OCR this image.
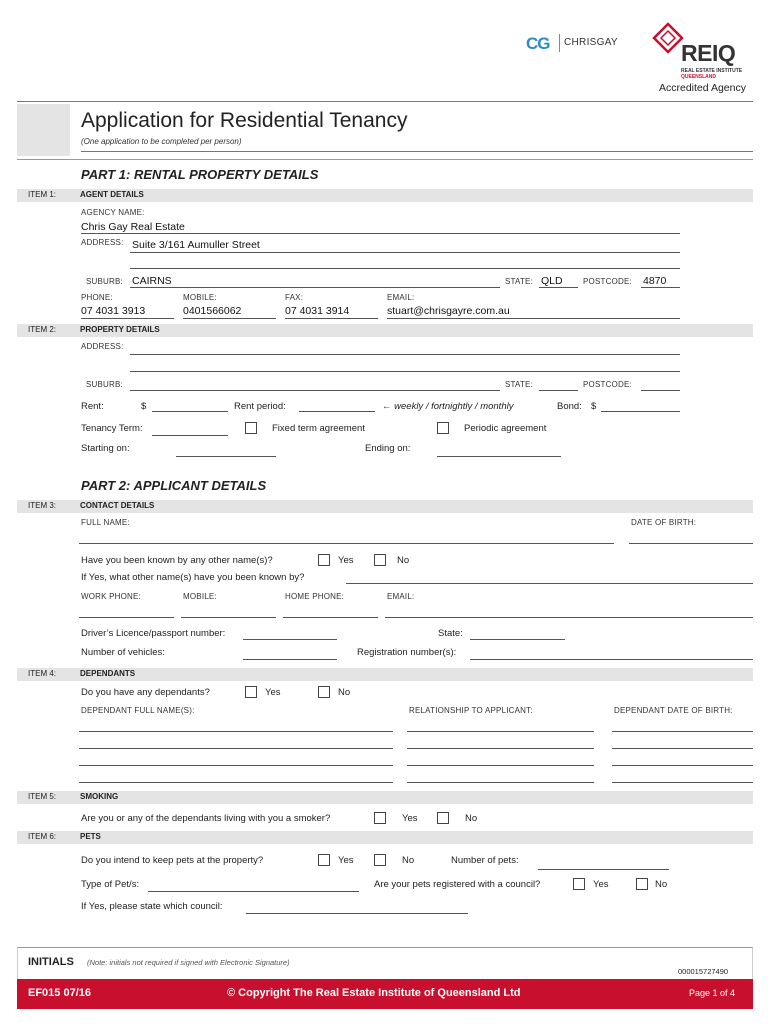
CG CHRISGAY	REIQ
REAL ESTATE INSTITUTE
QUEENSLAND
Accredited Agency
Application for Residential Tenancy
(One application to be completed per person)
PART 1: RENTAL PROPERTY DETAILS
ITEM 1:	AGENT DETAILS
AGENCY NAME:
Chris Gay Real Estate
ADDRESS: Suite 3/161 Aumuller Street
SUBURB: CAIRNS	STATE: QLD	POSTCODE: 4870
PHONE:	MOBILE:	FAX:	EMAIL:
07 4031 3913	0401566062	07 4031 3914	stuart@chrisgayre.com.au
ITEM 2:	PROPERTY DETAILS
ADDRESS:
SUBURB:	STATE:	POSTCODE:
Rent:	$	Rent period:	← weekly / fortnightly / monthly	Bond: $
Tenancy Term:	Fixed term agreement	Periodic agreement
Starting on:	Ending on:
PART 2: APPLICANT DETAILS
ITEM 3:	CONTACT DETAILS
FULL NAME:	DATE OF BIRTH:
Have you been known by any other name(s)?	Yes	No
If Yes, what other name(s) have you been known by?
WORK PHONE:	MOBILE:	HOME PHONE:	EMAIL:
Driver’s Licence/passport number:	State:
Number of vehicles:	Registration number(s):
ITEM 4:	DEPENDANTS
Do you have any dependants?	Yes	No
DEPENDANT FULL NAME(S):	RELATIONSHIP TO APPLICANT:	DEPENDANT DATE OF BIRTH:
ITEM 5:	SMOKING
Are you or any of the dependants living with you a smoker?	Yes	No
ITEM 6:	PETS
Do you intend to keep pets at the property?	Yes	No	Number of pets:
Type of Pet/s:	Are your pets registered with a council?	Yes	No
If Yes, please state which council:
INITIALS (Note: initials not required if signed with Electronic Signature)
000015727490
EF015 07/16	© Copyright The Real Estate Institute of Queensland Ltd	Page 1 of 4
